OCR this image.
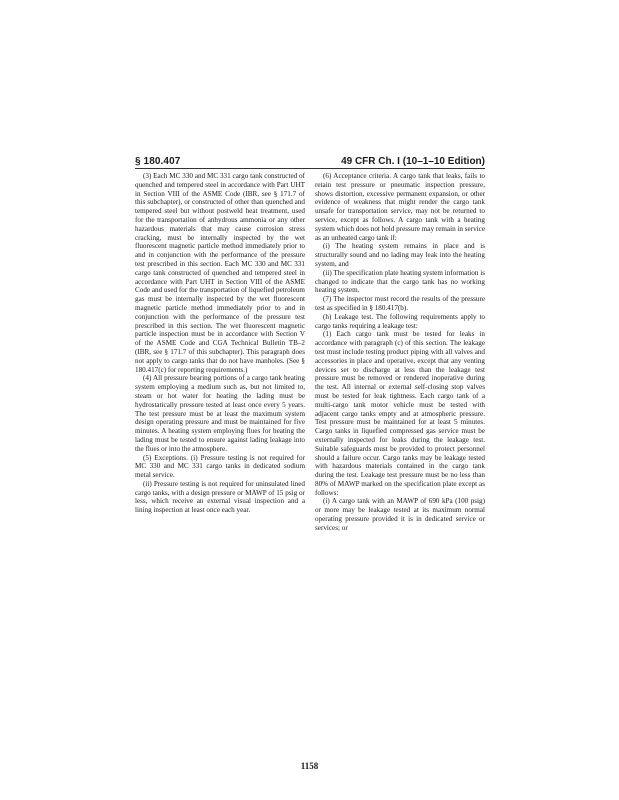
§ 180.407	49 CFR Ch. I (10–1–10 Edition)

(3) Each MC 330 and MC 331 cargo tank constructed of quenched and tempered steel in accordance with Part UHT in Section VIII of the ASME Code (IBR, see § 171.7 of this subchapter), or constructed of other than quenched and tempered steel but without postweld heat treatment, used for the transportation of anhydrous ammonia or any other hazardous materials that may cause corrosion stress cracking, must be internally inspected by the wet fluorescent magnetic particle method immediately prior to and in conjunction with the performance of the pressure test prescribed in this section. Each MC 330 and MC 331 cargo tank constructed of quenched and tempered steel in accordance with Part UHT in Section VIII of the ASME Code and used for the transportation of liquefied petroleum gas must be internally inspected by the wet fluorescent magnetic particle method immediately prior to and in conjunction with the performance of the pressure test prescribed in this section. The wet fluorescent magnetic particle inspection must be in accordance with Section V of the ASME Code and CGA Technical Bulletin TB–2 (IBR, see § 171.7 of this subchapter). This paragraph does not apply to cargo tanks that do not have manholes. (See § 180.417(c) for reporting requirements.)

(4) All pressure bearing portions of a cargo tank heating system employing a medium such as, but not limited to, steam or hot water for heating the lading must be hydrostatically pressure tested at least once every 5 years. The test pressure must be at least the maximum system design operating pressure and must be maintained for five minutes. A heating system employing flues for heating the lading must be tested to ensure against lading leakage into the flues or into the atmosphere.

(5) Exceptions. (i) Pressure testing is not required for MC 330 and MC 331 cargo tanks in dedicated sodium metal service.

(ii) Pressure testing is not required for uninsulated lined cargo tanks, with a design pressure or MAWP of 15 psig or less, which receive an external visual inspection and a lining inspection at least once each year.

(6) Acceptance criteria. A cargo tank that leaks, fails to retain test pressure or pneumatic inspection pressure, shows distortion, excessive permanent expansion, or other evidence of weakness that might render the cargo tank unsafe for transportation service, may not be returned to service, except as follows. A cargo tank with a heating system which does not hold pressure may remain in service as an unheated cargo tank if:

(i) The heating system remains in place and is structurally sound and no lading may leak into the heating system, and

(ii) The specification plate heating system information is changed to indicate that the cargo tank has no working heating system.

(7) The inspector must record the results of the pressure test as specified in § 180.417(b).

(h) Leakage test. The following requirements apply to cargo tanks requiring a leakage test:

(1) Each cargo tank must be tested for leaks in accordance with paragraph (c) of this section. The leakage test must include testing product piping with all valves and accessories in place and operative, except that any venting devices set to discharge at less than the leakage test pressure must be removed or rendered inoperative during the test. All internal or external self-closing stop valves must be tested for leak tightness. Each cargo tank of a multi-cargo tank motor vehicle must be tested with adjacent cargo tanks empty and at atmospheric pressure. Test pressure must be maintained for at least 5 minutes. Cargo tanks in liquefied compressed gas service must be externally inspected for leaks during the leakage test. Suitable safeguards must be provided to protect personnel should a failure occur. Cargo tanks may be leakage tested with hazardous materials contained in the cargo tank during the test. Leakage test pressure must be no less than 80% of MAWP marked on the specification plate except as follows:

(i) A cargo tank with an MAWP of 690 kPa (100 psig) or more may be leakage tested at its maximum normal operating pressure provided it is in dedicated service or services; or

1158
